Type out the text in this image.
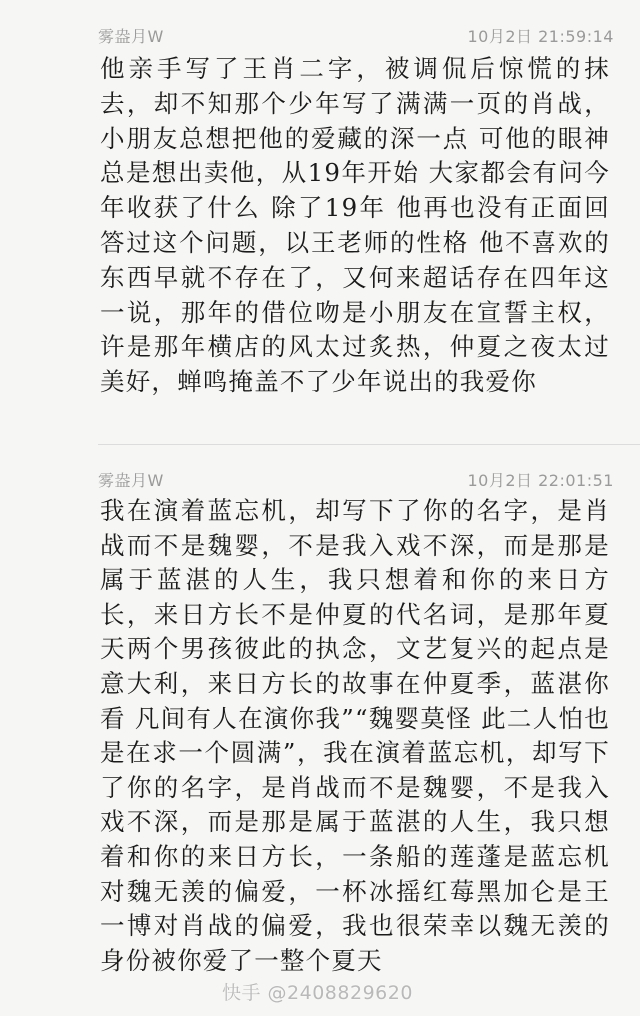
雾盎月W	10月2日 21:59:14
他亲手写了王肖二字，被调侃后惊慌的抹去，却不知那个少年写了满满一页的肖战，小朋友总想把他的爱藏的深一点 可他的眼神总是想出卖他，从19年开始 大家都会有问今年收获了什么 除了19年 他再也没有正面回答过这个问题，以王老师的性格 他不喜欢的东西早就不存在了，又何来超话存在四年这一说，那年的借位吻是小朋友在宣誓主权，许是那年横店的风太过炙热，仲夏之夜太过美好，蝉鸣掩盖不了少年说出的我爱你
雾盎月W	10月2日 22:01:51
我在演着蓝忘机，却写下了你的名字，是肖战而不是魏婴，不是我入戏不深，而是那是属于蓝湛的人生，我只想着和你的来日方长，来日方长不是仲夏的代名词，是那年夏天两个男孩彼此的执念，文艺复兴的起点是意大利，来日方长的故事在仲夏季，蓝湛你看 凡间有人在演你我”“魏婴莫怪 此二人怕也是在求一个圆满”，我在演着蓝忘机，却写下了你的名字，是肖战而不是魏婴，不是我入戏不深，而是那是属于蓝湛的人生，我只想着和你的来日方长，一条船的莲蓬是蓝忘机对魏无羡的偏爱，一杯冰摇红莓黑加仑是王一博对肖战的偏爱，我也很荣幸以魏无羡的身份被你爱了一整个夏天
快手 @2408829620
